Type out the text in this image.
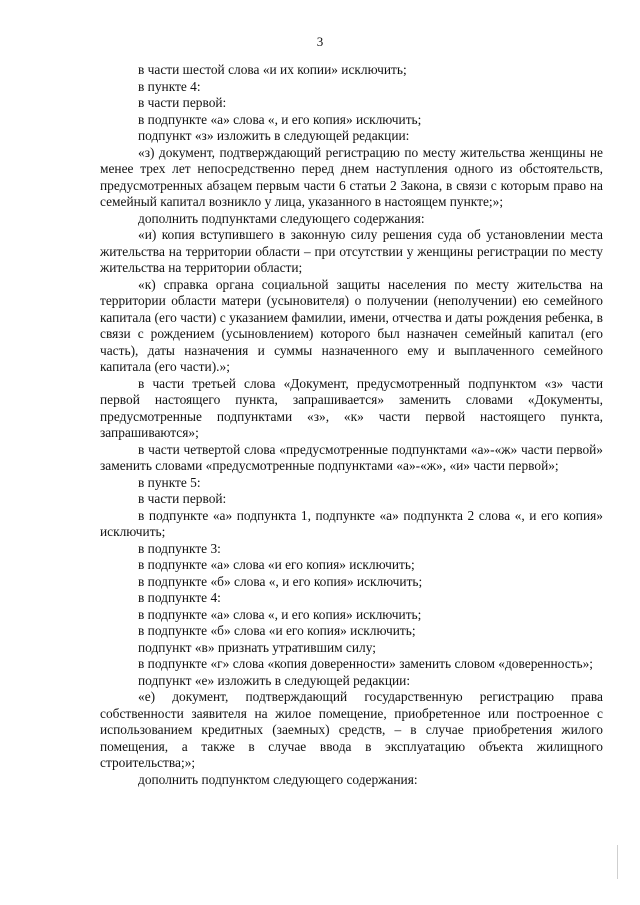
3

в части шестой слова «и их копии» исключить;

в пункте 4:

в части первой:

в подпункте «а» слова «, и его копия» исключить;

подпункт «з» изложить в следующей редакции:

«з) документ, подтверждающий регистрацию по месту жительства женщины не менее трех лет непосредственно перед днем наступления одного из обстоятельств, предусмотренных абзацем первым части 6 статьи 2 Закона, в связи с которым право на семейный капитал возникло у лица, указанного в настоящем пункте;»;

дополнить подпунктами следующего содержания:

«и) копия вступившего в законную силу решения суда об установлении места жительства на территории области – при отсутствии у женщины регистрации по месту жительства на территории области;

«к) справка органа социальной защиты населения по месту жительства на территории области матери (усыновителя) о получении (неполучении) ею семейного капитала (его части) с указанием фамилии, имени, отчества и даты рождения ребенка, в связи с рождением (усыновлением) которого был назначен семейный капитал (его часть), даты назначения и суммы назначенного ему и выплаченного семейного капитала (его части).»;

в части третьей слова «Документ, предусмотренный подпунктом «з» части первой настоящего пункта, запрашивается» заменить словами «Документы, предусмотренные подпунктами «з», «к» части первой настоящего пункта, запрашиваются»;

в части четвертой слова «предусмотренные подпунктами «а»-«ж» части первой» заменить словами «предусмотренные подпунктами «а»-«ж», «и» части первой»;

в пункте 5:

в части первой:

в подпункте «а» подпункта 1, подпункте «а» подпункта 2 слова «, и его копия» исключить;

в подпункте 3:

в подпункте «а» слова «и его копия» исключить;

в подпункте «б» слова «, и его копия» исключить;

в подпункте 4:

в подпункте «а» слова «, и его копия» исключить;

в подпункте «б» слова «и его копия» исключить;

подпункт «в» признать утратившим силу;

в подпункте «г» слова «копия доверенности» заменить словом «доверенность»;

подпункт «е» изложить в следующей редакции:

«е) документ, подтверждающий государственную регистрацию права собственности заявителя на жилое помещение, приобретенное или построенное с использованием кредитных (заемных) средств, – в случае приобретения жилого помещения, а также в случае ввода в эксплуатацию объекта жилищного строительства;»;

дополнить подпунктом следующего содержания:
